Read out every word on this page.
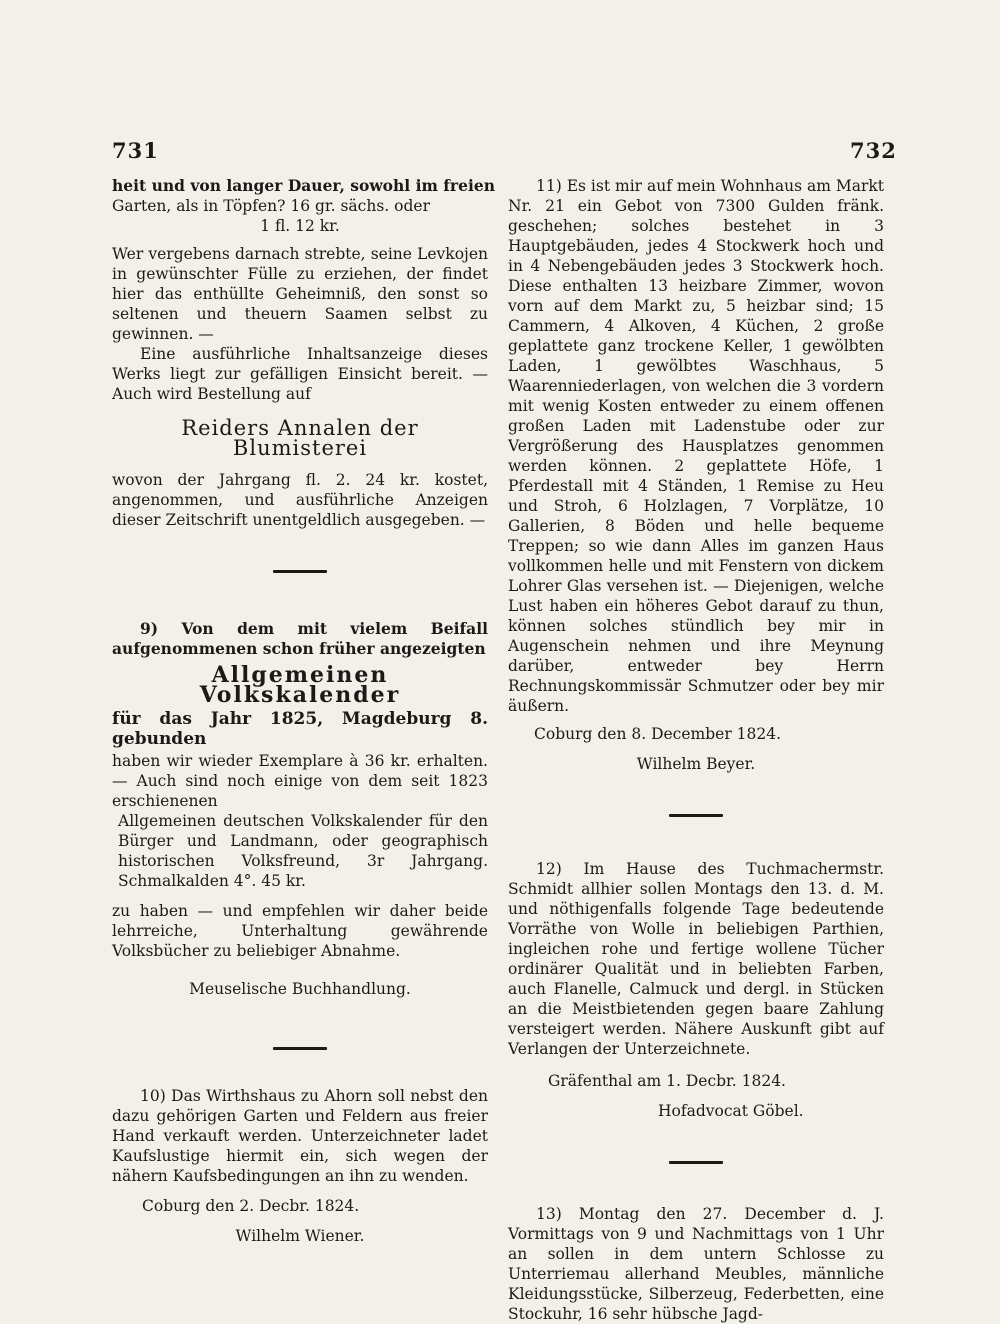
731	732
heit und von langer Dauer, sowohl im freien
Garten, als in Töpfen? 16 gr. sächs. oder
1 fl. 12 kr.

Wer vergebens darnach strebte, seine Levkojen in gewünschter Fülle zu erziehen, der findet hier das enthüllte Geheimniß, den sonst so seltenen und theuern Saamen selbst zu gewinnen. —

Eine ausführliche Inhaltsanzeige dieses Werks liegt zur gefälligen Einsicht bereit. — Auch wird Bestellung auf

Reiders Annalen der Blumisterei

wovon der Jahrgang fl. 2. 24 kr. kostet, angenommen, und ausführliche Anzeigen dieser Zeitschrift unentgeldlich ausgegeben. —

9) Von dem mit vielem Beifall aufgenommenen schon früher angezeigten

Allgemeinen Volkskalender

für das Jahr 1825, Magdeburg 8. gebunden

haben wir wieder Exemplare à 36 kr. erhalten. — Auch sind noch einige von dem seit 1823 erschienenen

Allgemeinen deutschen Volkskalender für den Bürger und Landmann, oder geographisch historischen Volksfreund, 3r Jahrgang. Schmalkalden 4°. 45 kr.

zu haben — und empfehlen wir daher beide lehrreiche, Unterhaltung gewährende Volksbücher zu beliebiger Abnahme.

Meuselische Buchhandlung.

10) Das Wirthshaus zu Ahorn soll nebst den dazu gehörigen Garten und Feldern aus freier Hand verkauft werden. Unterzeichneter ladet Kaufslustige hiermit ein, sich wegen der nähern Kaufsbedingungen an ihn zu wenden.

Coburg den 2. Decbr. 1824.
Wilhelm Wiener.

11) Es ist mir auf mein Wohnhaus am Markt Nr. 21 ein Gebot von 7300 Gulden fränk. geschehen; solches bestehet in 3 Hauptgebäuden, jedes 4 Stockwerk hoch und in 4 Nebengebäuden jedes 3 Stockwerk hoch. Diese enthalten 13 heizbare Zimmer, wovon vorn auf dem Markt zu, 5 heizbar sind; 15 Cammern, 4 Alkoven, 4 Küchen, 2 große geplattete ganz trockene Keller, 1 gewölbten Laden, 1 gewölbtes Waschhaus, 5 Waarenniederlagen, von welchen die 3 vordern mit wenig Kosten entweder zu einem offenen großen Laden mit Ladenstube oder zur Vergrößerung des Hausplatzes genommen werden können. 2 geplattete Höfe, 1 Pferdestall mit 4 Ständen, 1 Remise zu Heu und Stroh, 6 Holzlagen, 7 Vorplätze, 10 Gallerien, 8 Böden und helle bequeme Treppen; so wie dann Alles im ganzen Haus vollkommen helle und mit Fenstern von dickem Lohrer Glas versehen ist. — Diejenigen, welche Lust haben ein höheres Gebot darauf zu thun, können solches stündlich bey mir in Augenschein nehmen und ihre Meynung darüber, entweder bey Herrn Rechnungskommissär Schmutzer oder bey mir äußern.

Coburg den 8. December 1824.
Wilhelm Beyer.

12) Im Hause des Tuchmachermstr. Schmidt allhier sollen Montags den 13. d. M. und nöthigenfalls folgende Tage bedeutende Vorräthe von Wolle in beliebigen Parthien, ingleichen rohe und fertige wollene Tücher ordinärer Qualität und in beliebten Farben, auch Flanelle, Calmuck und dergl. in Stücken an die Meistbietenden gegen baare Zahlung versteigert werden. Nähere Auskunft gibt auf Verlangen der Unterzeichnete.

Gräfenthal am 1. Decbr. 1824.
Hofadvocat Göbel.

13) Montag den 27. December d. J. Vormittags von 9 und Nachmittags von 1 Uhr an sollen in dem untern Schlosse zu Unterriemau allerhand Meubles, männliche Kleidungsstücke, Silberzeug, Federbetten, eine Stockuhr, 16 sehr hübsche Jagd-
